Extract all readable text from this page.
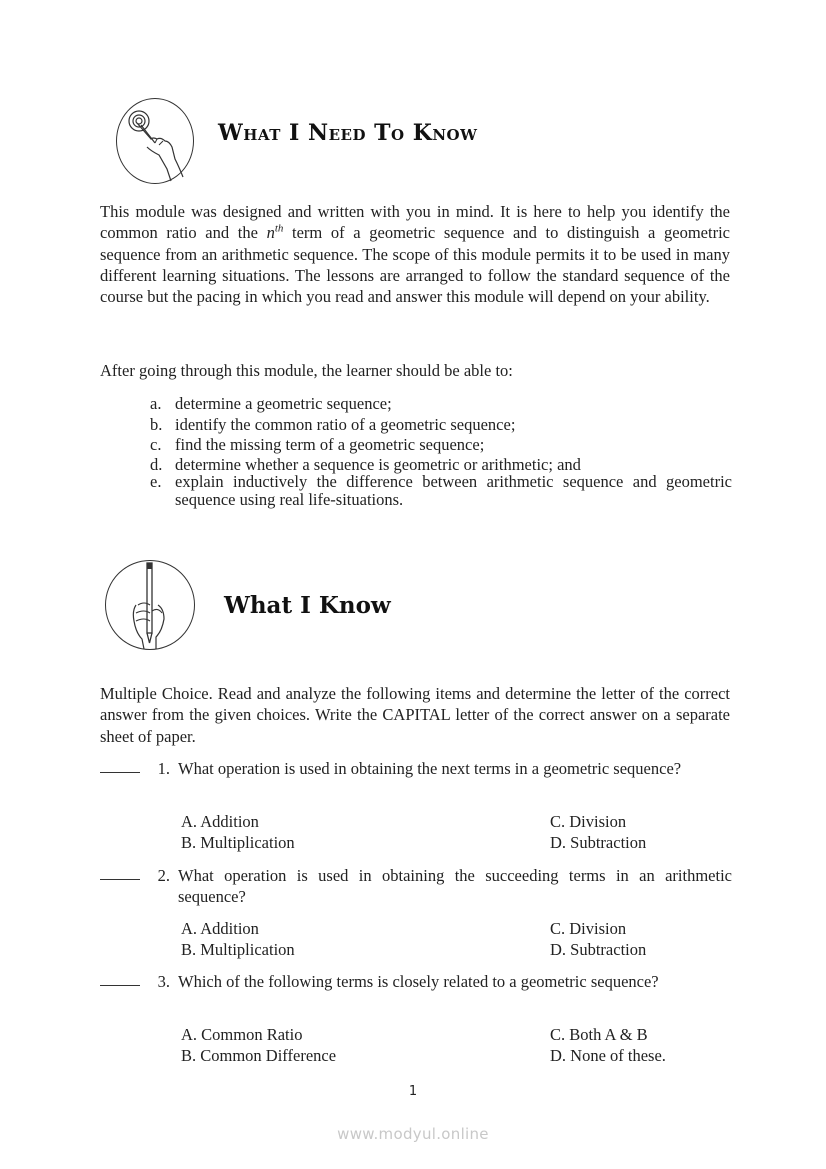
What I Need To Know
This module was designed and written with you in mind. It is here to help you identify the common ratio and the $n^{th}$ term of a geometric sequence and to distinguish a geometric sequence from an arithmetic sequence. The scope of this module permits it to be used in many different learning situations. The lessons are arranged to follow the standard sequence of the course but the pacing in which you read and answer this module will depend on your ability.
After going through this module, the learner should be able to:
a. determine a geometric sequence;
b. identify the common ratio of a geometric sequence;
c. find the missing term of a geometric sequence;
d. determine whether a sequence is geometric or arithmetic; and
e. explain inductively the difference between arithmetic sequence and geometric sequence using real life-situations.
What I Know
Multiple Choice. Read and analyze the following items and determine the letter of the correct answer from the given choices. Write the CAPITAL letter of the correct answer on a separate sheet of paper.
1. What operation is used in obtaining the next terms in a geometric sequence?
A. Addition	C. Division
B. Multiplication	D. Subtraction
2. What operation is used in obtaining the succeeding terms in an arithmetic sequence?
A. Addition	C. Division
B. Multiplication	D. Subtraction
3. Which of the following terms is closely related to a geometric sequence?
A. Common Ratio	C. Both A & B
B. Common Difference	D. None of these.
1
www.modyul.online
